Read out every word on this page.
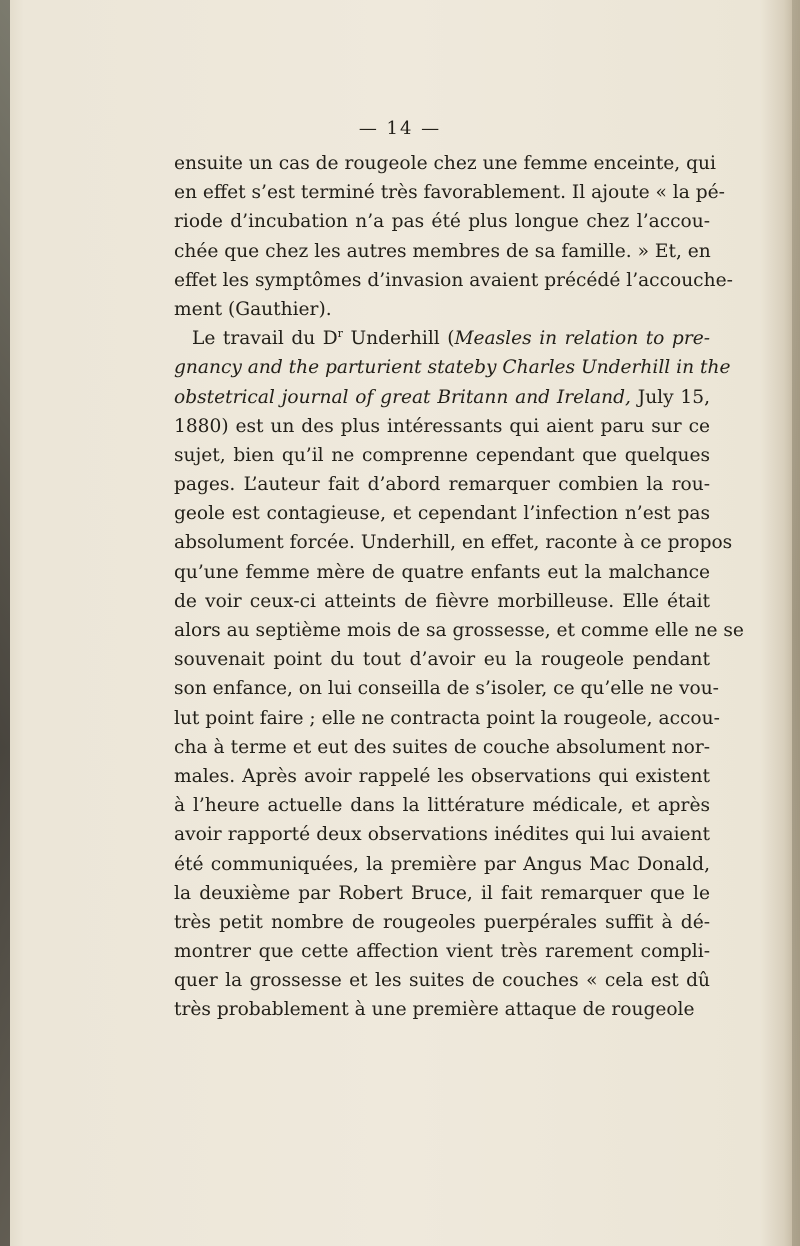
— 14 —
ensuite un cas de rougeole chez une femme enceinte, qui
en effet s’est terminé très favorablement. Il ajoute « la pé-
riode d’incubation n’a pas été plus longue chez l’accou-
chée que chez les autres membres de sa famille. » Et, en
effet les symptômes d’invasion avaient précédé l’accouche-
ment (Gauthier).
Le travail du $D^r$ Underhill (Measles in relation to pre-
gnancy and the parturient stateby Charles Underhill in the
obstetrical journal of great Britann and Ireland, July 15,
1880) est un des plus intéressants qui aient paru sur ce
sujet, bien qu’il ne comprenne cependant que quelques
pages. L’auteur fait d’abord remarquer combien la rou-
geole est contagieuse, et cependant l’infection n’est pas
absolument forcée. Underhill, en effet, raconte à ce propos
qu’une femme mère de quatre enfants eut la malchance
de voir ceux-ci atteints de fièvre morbilleuse. Elle était
alors au septième mois de sa grossesse, et comme elle ne se
souvenait point du tout d’avoir eu la rougeole pendant
son enfance, on lui conseilla de s’isoler, ce qu’elle ne vou-
lut point faire ; elle ne contracta point la rougeole, accou-
cha à terme et eut des suites de couche absolument nor-
males. Après avoir rappelé les observations qui existent
à l’heure actuelle dans la littérature médicale, et après
avoir rapporté deux observations inédites qui lui avaient
été communiquées, la première par Angus Mac Donald,
la deuxième par Robert Bruce, il fait remarquer que le
très petit nombre de rougeoles puerpérales suffit à dé-
montrer que cette affection vient très rarement compli-
quer la grossesse et les suites de couches « cela est dû
très probablement à une première attaque de rougeole
